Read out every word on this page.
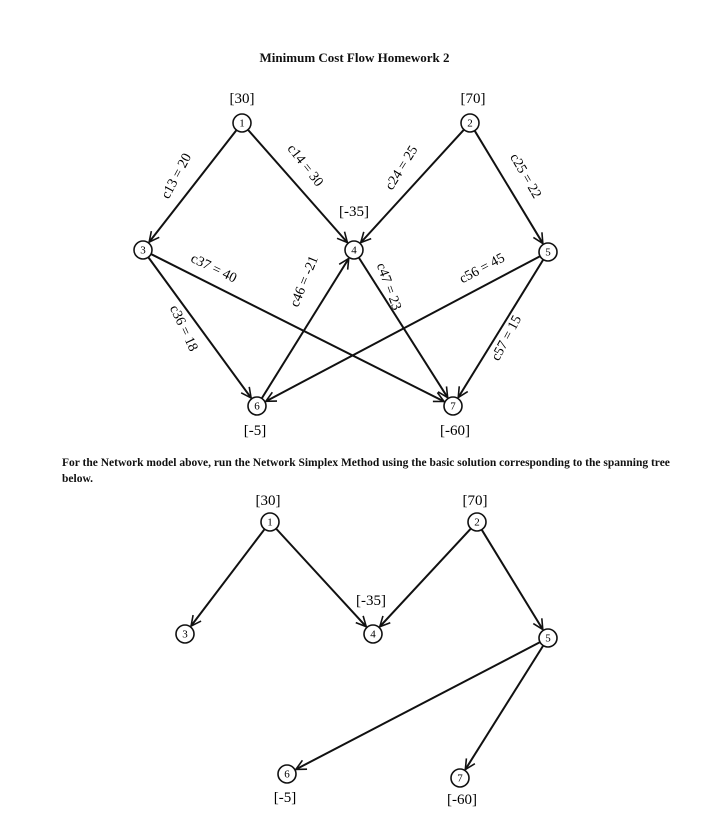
Minimum Cost Flow Homework 2
c13 = 20	c14 = 30	c24 = 25	c25 = 22
c37 = 40
c36 = 18
c46 = -21	c47 = 23	c56 = 45
c57 = 15
1
[30]
2
[70]
3	4
[-35]
5
6
[-5]
7
[-60]
1
[30]
2
[70]
3	4
[-35]
5
6
[-5]
7
[-60]
For the Network model above, run the Network Simplex Method using the basic solution corresponding to the spanning tree below.
